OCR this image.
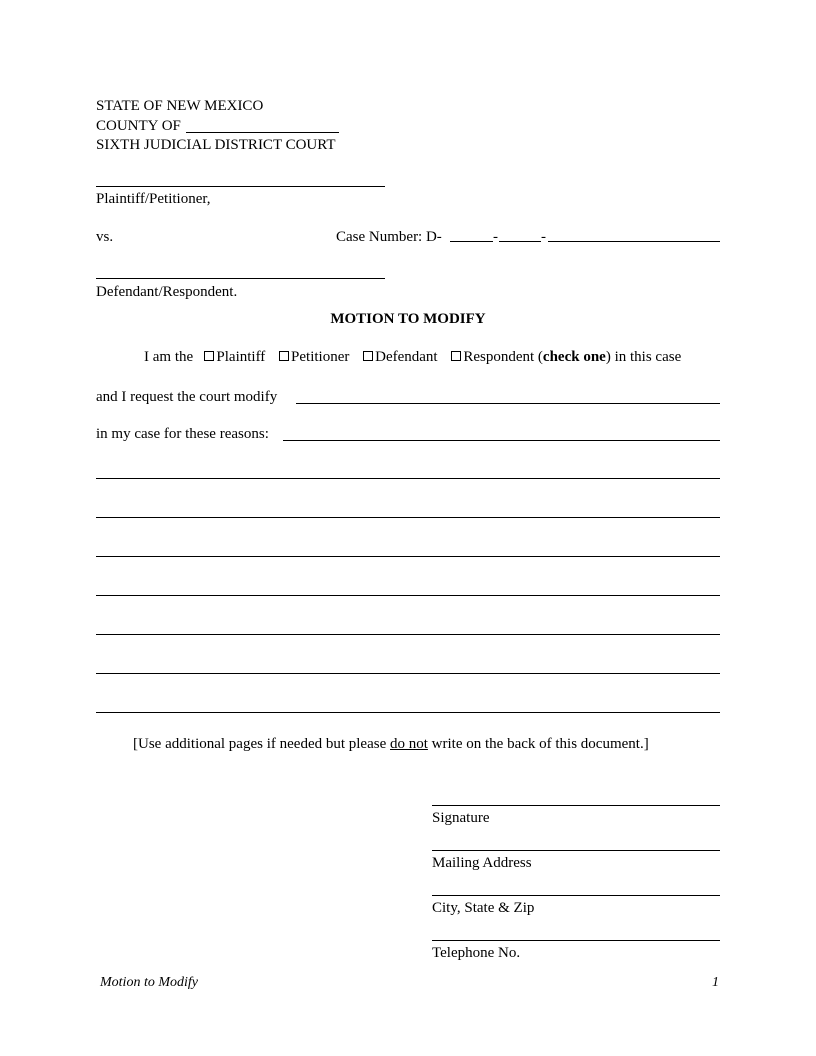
STATE OF NEW MEXICO
COUNTY OF
SIXTH JUDICIAL DISTRICT COURT
Plaintiff/Petitioner,
vs.	Case Number: D-	-	-
Defendant/Respondent.
MOTION TO MODIFY
I am the Plaintiff Petitioner Defendant Respondent (check one) in this case
and I request the court modify
in my case for these reasons:
[Use additional pages if needed but please do not write on the back of this document.]
Signature
Mailing Address
City, State & Zip
Telephone No.
Motion to Modify	1
